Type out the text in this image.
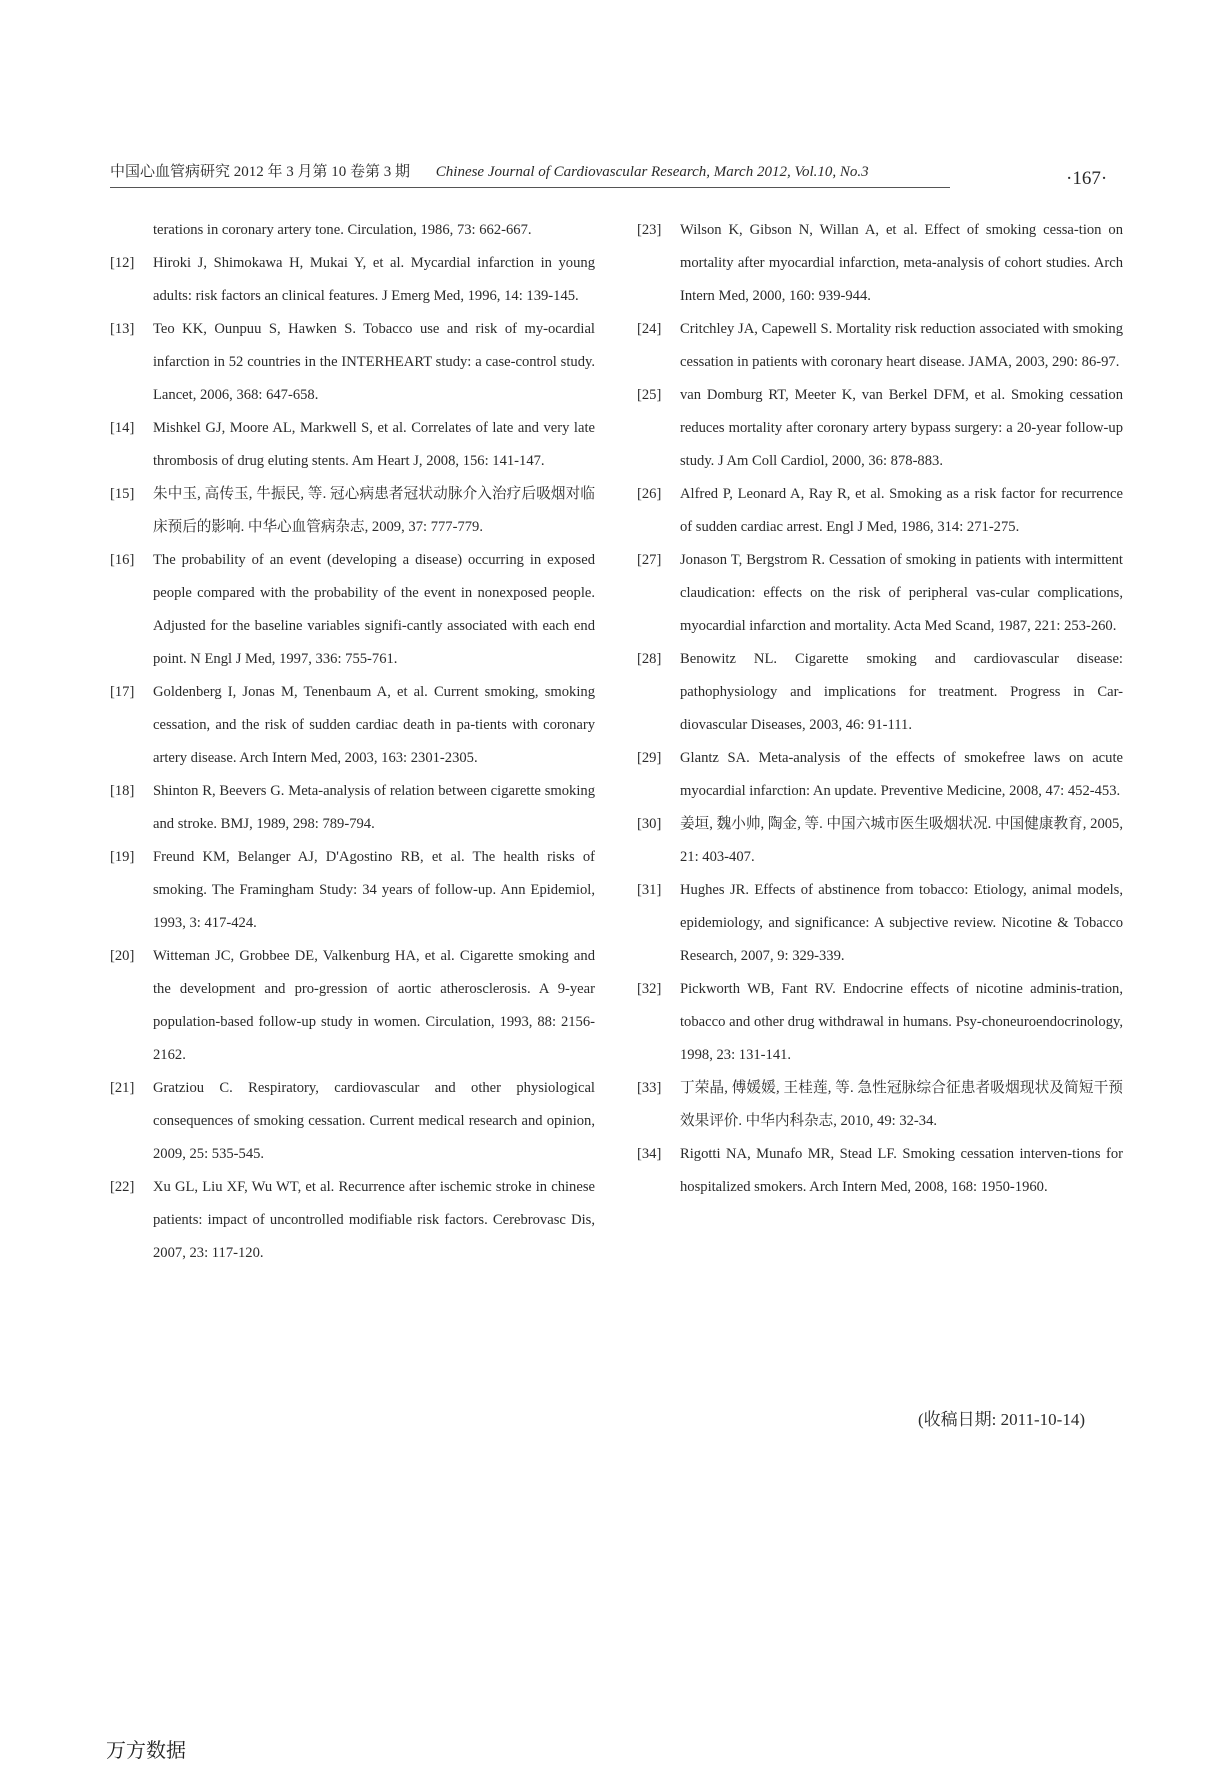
中国心血管病研究 2012 年 3 月第 10 卷第 3 期 Chinese Journal of Cardiovascular Research, March 2012, Vol.10, No.3	·167·

terations in coronary artery tone. Circulation, 1986, 73: 662-667.

[12] Hiroki J, Shimokawa H, Mukai Y, et al. Mycardial infarction in young adults: risk factors an clinical features. J Emerg Med, 1996, 14: 139-145.

[13] Teo KK, Ounpuu S, Hawken S. Tobacco use and risk of my-ocardial infarction in 52 countries in the INTERHEART study: a case-control study. Lancet, 2006, 368: 647-658.

[14] Mishkel GJ, Moore AL, Markwell S, et al. Correlates of late and very late thrombosis of drug eluting stents. Am Heart J, 2008, 156: 141-147.

[15] 朱中玉, 高传玉, 牛振民, 等. 冠心病患者冠状动脉介入治疗后吸烟对临床预后的影响. 中华心血管病杂志, 2009, 37: 777-779.

[16] The probability of an event (developing a disease) occurring in exposed people compared with the probability of the event in nonexposed people. Adjusted for the baseline variables signifi-cantly associated with each end point. N Engl J Med, 1997, 336: 755-761.

[17] Goldenberg I, Jonas M, Tenenbaum A, et al. Current smoking, smoking cessation, and the risk of sudden cardiac death in pa-tients with coronary artery disease. Arch Intern Med, 2003, 163: 2301-2305.

[18] Shinton R, Beevers G. Meta-analysis of relation between cigarette smoking and stroke. BMJ, 1989, 298: 789-794.

[19] Freund KM, Belanger AJ, D'Agostino RB, et al. The health risks of smoking. The Framingham Study: 34 years of follow-up. Ann Epidemiol, 1993, 3: 417-424.

[20] Witteman JC, Grobbee DE, Valkenburg HA, et al. Cigarette smoking and the development and pro-gression of aortic atherosclerosis. A 9-year population-based follow-up study in women. Circulation, 1993, 88: 2156-2162.

[21] Gratziou C. Respiratory, cardiovascular and other physiological consequences of smoking cessation. Current medical research and opinion, 2009, 25: 535-545.

[22] Xu GL, Liu XF, Wu WT, et al. Recurrence after ischemic stroke in chinese patients: impact of uncontrolled modifiable risk factors. Cerebrovasc Dis, 2007, 23: 117-120.

[23] Wilson K, Gibson N, Willan A, et al. Effect of smoking cessa-tion on mortality after myocardial infarction, meta-analysis of cohort studies. Arch Intern Med, 2000, 160: 939-944.

[24] Critchley JA, Capewell S. Mortality risk reduction associated with smoking cessation in patients with coronary heart disease. JAMA, 2003, 290: 86-97.

[25] van Domburg RT, Meeter K, van Berkel DFM, et al. Smoking cessation reduces mortality after coronary artery bypass surgery: a 20-year follow-up study. J Am Coll Cardiol, 2000, 36: 878-883.

[26] Alfred P, Leonard A, Ray R, et al. Smoking as a risk factor for recurrence of sudden cardiac arrest. Engl J Med, 1986, 314: 271-275.

[27] Jonason T, Bergstrom R. Cessation of smoking in patients with intermittent claudication: effects on the risk of peripheral vas-cular complications, myocardial infarction and mortality. Acta Med Scand, 1987, 221: 253-260.

[28] Benowitz NL. Cigarette smoking and cardiovascular disease: pathophysiology and implications for treatment. Progress in Car-diovascular Diseases, 2003, 46: 91-111.

[29] Glantz SA. Meta-analysis of the effects of smokefree laws on acute myocardial infarction: An update. Preventive Medicine, 2008, 47: 452-453.

[30] 姜垣, 魏小帅, 陶金, 等. 中国六城市医生吸烟状况. 中国健康教育, 2005, 21: 403-407.

[31] Hughes JR. Effects of abstinence from tobacco: Etiology, animal models, epidemiology, and significance: A subjective review. Nicotine & Tobacco Research, 2007, 9: 329-339.

[32] Pickworth WB, Fant RV. Endocrine effects of nicotine adminis-tration, tobacco and other drug withdrawal in humans. Psy-choneuroendocrinology, 1998, 23: 131-141.

[33] 丁荣晶, 傅媛媛, 王桂莲, 等. 急性冠脉综合征患者吸烟现状及简短干预效果评价. 中华内科杂志, 2010, 49: 32-34.

[34] Rigotti NA, Munafo MR, Stead LF. Smoking cessation interven-tions for hospitalized smokers. Arch Intern Med, 2008, 168: 1950-1960.

(收稿日期: 2011-10-14)
万方数据
